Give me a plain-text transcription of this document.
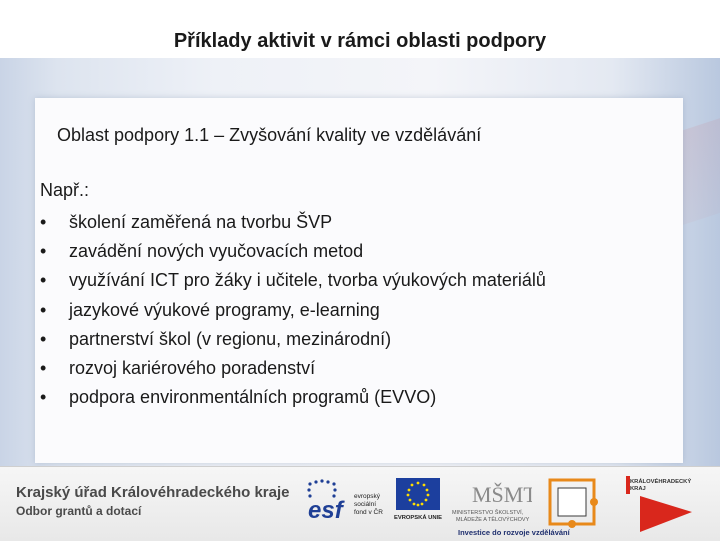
Příklady aktivit v rámci oblasti podpory
Oblast podpory 1.1 – Zvyšování kvality ve vzdělávání
Např.:
• školení zaměřená na tvorbu ŠVP
• zavádění nových vyučovacích metod
• využívání ICT pro žáky i učitele, tvorba výukových materiálů
• jazykové výukové programy, e-learning
• partnerství škol (v regionu, mezinárodní)
• rozvoj kariérového poradenství
• podpora environmentálních programů (EVVO)
Krajský úřad Královéhradeckého kraje
Odbor grantů a dotací	esf
evropský
sociální
fond v ČR
EVROPSKÁ UNIE
MŠMT
MINISTERSTVO ŠKOLSTVÍ,
MLÁDEŽE A TĚLOVÝCHOVY
KRÁLOVÉHRADECKÝ
KRAJ
Investice do rozvoje vzdělávání
